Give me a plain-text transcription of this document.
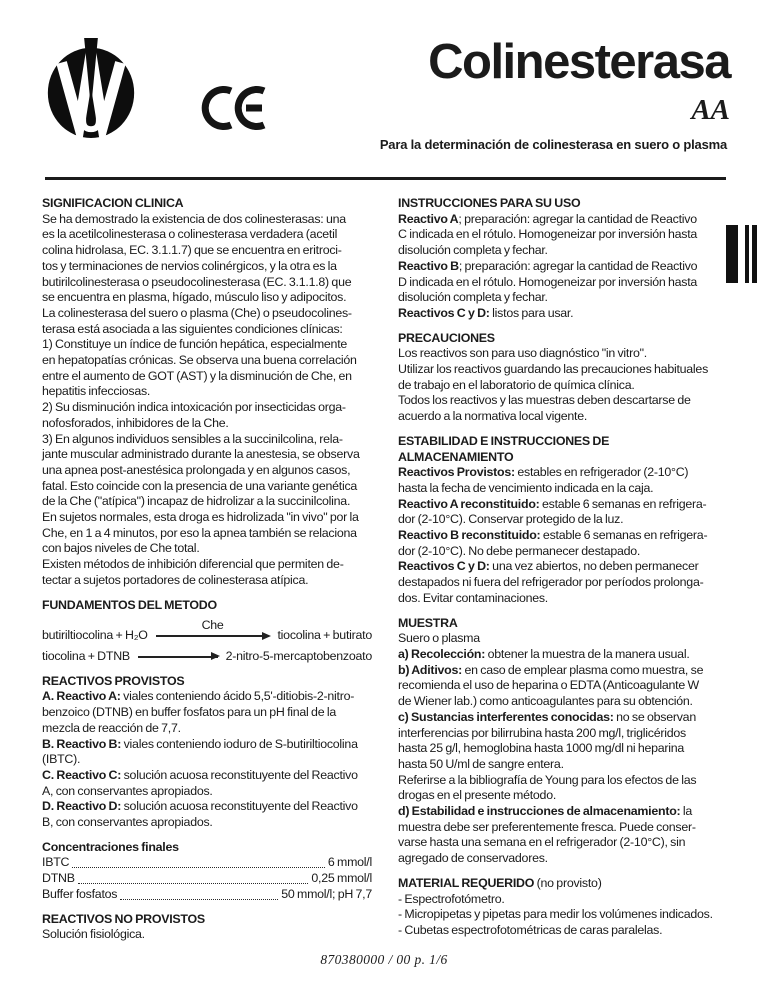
Colinesterasa
AA
Para la determinación de colinesterasa en suero o plasma
SIGNIFICACION CLINICA
Se ha demostrado la existencia de dos colinesterasas: una
es la acetilcolinesterasa o colinesterasa verdadera (acetil
colina hidrolasa, EC. 3.1.1.7) que se encuentra en eritroci-
tos y terminaciones de nervios colinérgicos, y la otra es la
butirilcolinesterasa o pseudocolinesterasa (EC. 3.1.1.8) que
se encuentra en plasma, hígado, músculo liso y adipocitos.
La colinesterasa del suero o plasma (Che) o pseudocolines-
terasa está asociada a las siguientes condiciones clínicas:
1) Constituye un índice de función hepática, especialmente
en hepatopatías crónicas. Se observa una buena correlación
entre el aumento de GOT (AST) y la disminución de Che, en
hepatitis infecciosas.
2) Su disminución indica intoxicación por insecticidas orga-
nofosforados, inhibidores de la Che.
3) En algunos individuos sensibles a la succinilcolina, rela-
jante muscular administrado durante la anestesia, se observa
una apnea post-anestésica prolongada y en algunos casos,
fatal. Esto coincide con la presencia de una variante genética
de la Che ("atípica") incapaz de hidrolizar a la succinilcolina.
En sujetos normales, esta droga es hidrolizada "in vivo" por la
Che, en 1 a 4 minutos, por eso la apnea también se relaciona
con bajos niveles de Che total.
Existen métodos de inhibición diferencial que permiten de-
tectar a sujetos portadores de colinesterasa atípica.
FUNDAMENTOS DEL METODO
butiriltiocolina + H₂O
Che
tiocolina + butirato
tiocolina + DTNB	2-nitro-5-mercaptobenzoato
REACTIVOS PROVISTOS
A. Reactivo A: viales conteniendo ácido 5,5'-ditiobis-2-nitro-
benzoico (DTNB) en buffer fosfatos para un pH final de la
mezcla de reacción de 7,7.
B. Reactivo B: viales conteniendo ioduro de S-butiriltiocolina
(IBTC).
C. Reactivo C: solución acuosa reconstituyente del Reactivo
A, con conservantes apropiados.
D. Reactivo D: solución acuosa reconstituyente del Reactivo
B, con conservantes apropiados.
Concentraciones finales
IBTC	6 mmol/l
DTNB	0,25 mmol/l
Buffer fosfatos	50 mmol/l; pH 7,7
REACTIVOS NO PROVISTOS
Solución fisiológica.
INSTRUCCIONES PARA SU USO
Reactivo A; preparación: agregar la cantidad de Reactivo
C indicada en el rótulo. Homogeneizar por inversión hasta
disolución completa y fechar.
Reactivo B; preparación: agregar la cantidad de Reactivo
D indicada en el rótulo. Homogeneizar por inversión hasta
disolución completa y fechar.
Reactivos C y D: listos para usar.
PRECAUCIONES
Los reactivos son para uso diagnóstico "in vitro".
Utilizar los reactivos guardando las precauciones habituales
de trabajo en el laboratorio de química clínica.
Todos los reactivos y las muestras deben descartarse de
acuerdo a la normativa local vigente.
ESTABILIDAD E INSTRUCCIONES DE
ALMACENAMIENTO
Reactivos Provistos: estables en refrigerador (2-10°C)
hasta la fecha de vencimiento indicada en la caja.
Reactivo A reconstituido: estable 6 semanas en refrigera-
dor (2-10°C). Conservar protegido de la luz.
Reactivo B reconstituido: estable 6 semanas en refrigera-
dor (2-10°C). No debe permanecer destapado.
Reactivos C y D: una vez abiertos, no deben permanecer
destapados ni fuera del refrigerador por períodos prolonga-
dos. Evitar contaminaciones.
MUESTRA
Suero o plasma
a) Recolección: obtener la muestra de la manera usual.
b) Aditivos: en caso de emplear plasma como muestra, se
recomienda el uso de heparina o EDTA (Anticoagulante W
de Wiener lab.) como anticoagulantes para su obtención.
c) Sustancias interferentes conocidas: no se observan
interferencias por bilirrubina hasta 200 mg/l, triglicéridos
hasta 25 g/l, hemoglobina hasta 1000 mg/dl ni heparina
hasta 50 U/ml de sangre entera.
Referirse a la bibliografía de Young para los efectos de las
drogas en el presente método.
d) Estabilidad e instrucciones de almacenamiento: la
muestra debe ser preferentemente fresca. Puede conser-
varse hasta una semana en el refrigerador (2-10°C), sin
agregado de conservadores.
MATERIAL REQUERIDO (no provisto)
- Espectrofotómetro.
- Micropipetas y pipetas para medir los volúmenes indicados.
- Cubetas espectrofotométricas de caras paralelas.
870380000 / 00 p. 1/6
